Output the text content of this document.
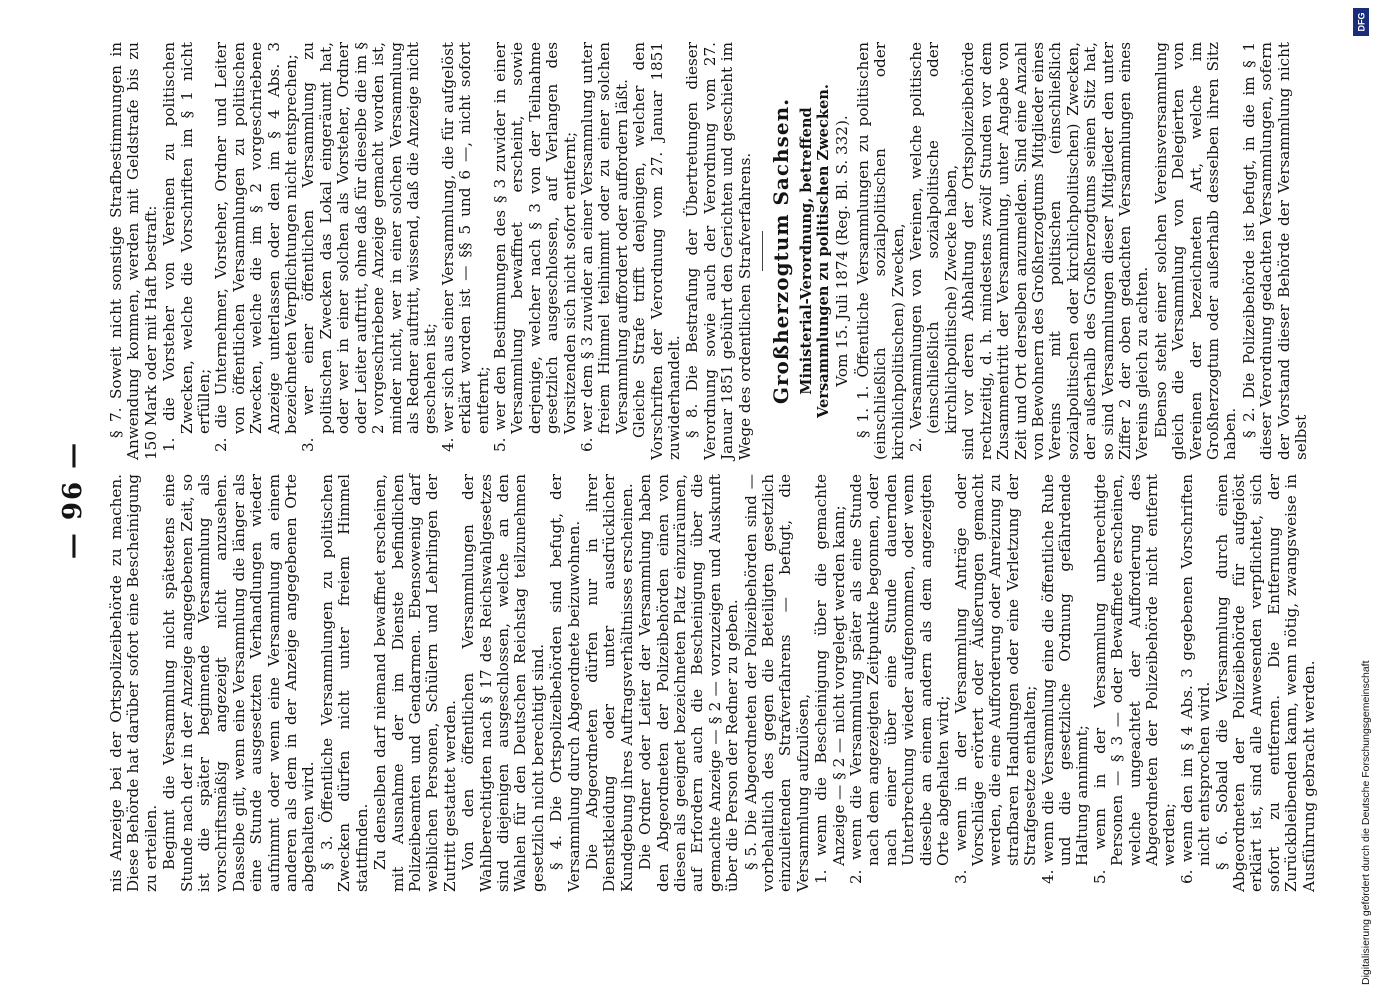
— 96 — nis Anzeige bei der Ortspolizeibehörde zu machen. Diese Behörde hat darüber sofort eine Bescheinigung zu erteilen. Beginnt die Versammlung nicht spätestens eine Stunde nach der in der Anzeige angegebenen Zeit, so ist die später beginnende Versammlung als vorschriftsmäßig angezeigt nicht anzusehen. Dasselbe gilt, wenn eine Versammlung die länger als eine Stunde ausgesetzten Verhandlungen wieder aufnimmt oder wenn eine Versammlung an einem anderen als dem in der Anzeige angegebenen Orte abgehalten wird. § 3. Öffentliche Versammlungen zu politischen Zwecken dürfen nicht unter freiem Himmel stattfinden. Zu denselben darf niemand bewaffnet erscheinen, mit Ausnahme der im Dienste befindlichen Polizeibeamten und Gendarmen. Ebensowenig darf weiblichen Personen, Schülern und Lehrlingen der Zutritt gestattet werden. Von den öffentlichen Versammlungen der Wahlberechtigten nach § 17 des Reichswahlgesetzes sind diejenigen ausgeschlossen, welche an den Wahlen für den Deutschen Reichstag teilzunehmen gesetzlich nicht berechtigt sind. § 4. Die Ortspolizeibehörden sind befugt, der Versammlung durch Abgeordnete beizuwohnen. Die Abgeordneten dürfen nur in ihrer Dienstkleidung oder unter ausdrücklicher Kundgebung ihres Auftragsverhältnisses erscheinen. Die Ordner oder Leiter der Versammlung haben den Abgeordneten der Polizeibehörden einen von diesen als geeignet bezeichneten Platz einzuräumen, auf Erfordern auch die Bescheinigung über die gemachte Anzeige — § 2 — vorzuzeigen und Auskunft über die Person der Redner zu geben. § 5. Die Abgeordneten der Polizeibehörden sind — vorbehaltlich des gegen die Beteiligten gesetzlich einzuleitenden Strafverfahrens — befugt, die Versammlung aufzulösen, 1. wenn die Bescheinigung über die gemachte Anzeige — § 2 — nicht vorgelegt werden kann; 2. wenn die Versammlung später als eine Stunde nach dem angezeigten Zeitpunkte begonnen, oder nach einer über eine Stunde dauernden Unterbrechung wieder aufgenommen, oder wenn dieselbe an einem andern als dem angezeigten Orte abgehalten wird; 3. wenn in der Versammlung Anträge oder Vorschläge erörtert oder Äußerungen gemacht werden, die eine Aufforderung oder Anreizung zu strafbaren Handlungen oder eine Verletzung der Strafgesetze enthalten; 4. wenn die Versammlung eine die öffentliche Ruhe und die gesetzliche Ordnung gefährdende Haltung annimmt; 5. wenn in der Versammlung unberechtigte Personen — § 3 — oder Bewaffnete erscheinen, welche ungeachtet der Aufforderung des Abgeordneten der Polizeibehörde nicht entfernt werden; 6. wenn den im § 4 Abs. 3 gegebenen Vorschriften nicht entsprochen wird. § 6. Sobald die Versammlung durch einen Abgeordneten der Polizeibehörde für aufgelöst erklärt ist, sind alle Anwesenden verpflichtet, sich sofort zu entfernen. Die Entfernung der Zurückbleibenden kann, wenn nötig, zwangsweise in Ausführung gebracht werden.

§ 7. Soweit nicht sonstige Strafbestimmungen in Anwendung kommen, werden mit Geldstrafe bis zu 150 Mark oder mit Haft bestraft: 1. die Vorsteher von Vereinen zu politischen Zwecken, welche die Vorschriften im § 1 nicht erfüllen; 2. die Unternehmer, Vorsteher, Ordner und Leiter von öffentlichen Versammlungen zu politischen Zwecken, welche die im § 2 vorgeschriebene Anzeige unterlassen oder den im § 4 Abs. 3 bezeichneten Verpflichtungen nicht entsprechen; 3. wer einer öffentlichen Versammlung zu politischen Zwecken das Lokal eingeräumt hat, oder wer in einer solchen als Vorsteher, Ordner oder Leiter auftritt, ohne daß für dieselbe die im § 2 vorgeschriebene Anzeige gemacht worden ist, minder nicht, wer in einer solchen Versammlung als Redner auftritt, wissend, daß die Anzeige nicht geschehen ist; 4. wer sich aus einer Versammlung, die für aufgelöst erklärt worden ist — §§ 5 und 6 —, nicht sofort entfernt; 5. wer den Bestimmungen des § 3 zuwider in einer Versammlung bewaffnet erscheint, sowie derjenige, welcher nach § 3 von der Teilnahme gesetzlich ausgeschlossen, auf Verlangen des Vorsitzenden sich nicht sofort entfernt; 6. wer dem § 3 zuwider an einer Versammlung unter freiem Himmel teilnimmt oder zu einer solchen Versammlung auffordert oder auffordern läßt. Gleiche Strafe trifft denjenigen, welcher den Vorschriften der Verordnung vom 27. Januar 1851 zuwiderhandelt. § 8. Die Bestrafung der Übertretungen dieser Verordnung sowie auch der Verordnung vom 27. Januar 1851 gebührt den Gerichten und geschieht im Wege des ordentlichen Strafverfahrens. Großherzogtum Sachsen. Ministerial-Verordnung, betreffend Versammlungen zu politischen Zwecken. Vom 15. Juli 1874 (Reg. Bl. S. 332). § 1. 1. Öffentliche Versammlungen zu politischen (einschließlich sozialpolitischen oder kirchlichpolitischen) Zwecken, 2. Versammlungen von Vereinen, welche politische (einschließlich sozialpolitische oder kirchlichpolitische) Zwecke haben, sind vor deren Abhaltung der Ortspolizeibehörde rechtzeitig, d. h. mindestens zwölf Stunden vor dem Zusammentritt der Versammlung, unter Angabe von Zeit und Ort derselben anzumelden. Sind eine Anzahl von Bewohnern des Großherzogtums Mitglieder eines Vereins mit politischen (einschließlich sozialpolitischen oder kirchlichpolitischen) Zwecken, der außerhalb des Großherzogtums seinen Sitz hat, so sind Versammlungen dieser Mitglieder den unter Ziffer 2 der oben gedachten Versammlungen eines Vereins gleich zu achten. Ebenso steht einer solchen Vereinsversammlung gleich die Versammlung von Delegierten von Vereinen der bezeichneten Art, welche im Großherzogtum oder außerhalb desselben ihren Sitz haben. § 2. Die Polizeibehörde ist befugt, in die im § 1 dieser Verordnung gedachten Versammlungen, sofern der Vorstand dieser Behörde der Versammlung nicht selbst

DFG
Digitalisierung gefördert durch die Deutsche Forschungsgemeinschaft
